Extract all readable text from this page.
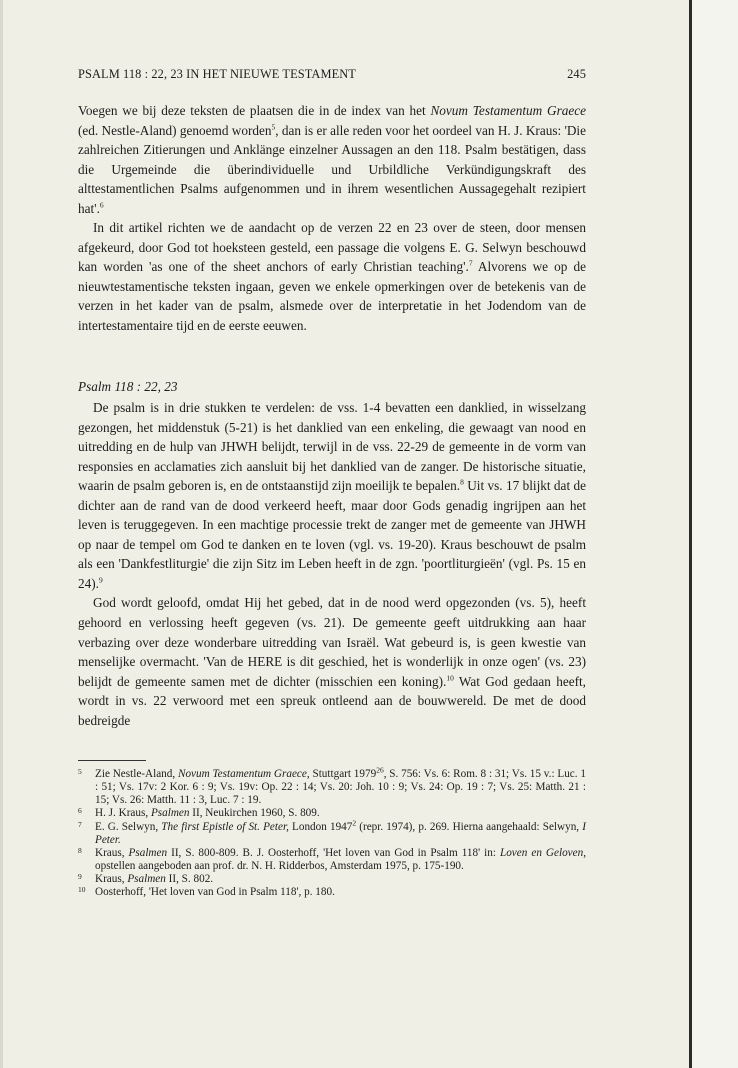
PSALM 118 : 22, 23 IN HET NIEUWE TESTAMENT	245

Voegen we bij deze teksten de plaatsen die in de index van het Novum Testamentum Graece (ed. Nestle-Aland) genoemd worden$^5$, dan is er alle reden voor het oordeel van H. J. Kraus: 'Die zahlreichen Zitierungen und Anklänge einzelner Aussagen an den 118. Psalm bestätigen, dass die Urgemeinde die überindividuelle und Urbildliche Verkündigungskraft des alttestamentlichen Psalms aufgenommen und in ihrem wesentlichen Aussagegehalt rezipiert hat'.$^6$

In dit artikel richten we de aandacht op de verzen 22 en 23 over de steen, door mensen afgekeurd, door God tot hoeksteen gesteld, een passage die volgens E. G. Selwyn beschouwd kan worden 'as one of the sheet anchors of early Christian teaching'.$^7$ Alvorens we op de nieuwtestamentische teksten ingaan, geven we enkele opmerkingen over de betekenis van de verzen in het kader van de psalm, alsmede over de interpretatie in het Jodendom van de intertestamentaire tijd en de eerste eeuwen.

Psalm 118 : 22, 23

De psalm is in drie stukken te verdelen: de vss. 1-4 bevatten een danklied, in wisselzang gezongen, het middenstuk (5-21) is het danklied van een enkeling, die gewaagt van nood en uitredding en de hulp van JHWH belijdt, terwijl in de vss. 22-29 de gemeente in de vorm van responsies en acclamaties zich aansluit bij het danklied van de zanger. De historische situatie, waarin de psalm geboren is, en de ontstaanstijd zijn moeilijk te bepalen.$^8$ Uit vs. 17 blijkt dat de dichter aan de rand van de dood verkeerd heeft, maar door Gods genadig ingrijpen aan het leven is teruggegeven. In een machtige processie trekt de zanger met de gemeente van JHWH op naar de tempel om God te danken en te loven (vgl. vs. 19-20). Kraus beschouwt de psalm als een 'Dankfestliturgie' die zijn Sitz im Leben heeft in de zgn. 'poortliturgieën' (vgl. Ps. 15 en 24).$^9$

God wordt geloofd, omdat Hij het gebed, dat in de nood werd opgezonden (vs. 5), heeft gehoord en verlossing heeft gegeven (vs. 21). De gemeente geeft uitdrukking aan haar verbazing over deze wonderbare uitredding van Israël. Wat gebeurd is, is geen kwestie van menselijke overmacht. 'Van de HERE is dit geschied, het is wonderlijk in onze ogen' (vs. 23) belijdt de gemeente samen met de dichter (misschien een koning).$^{10}$ Wat God gedaan heeft, wordt in vs. 22 verwoord met een spreuk ontleend aan de bouwwereld. De met de dood bedreigde

5 Zie Nestle-Aland, Novum Testamentum Graece, Stuttgart 1979$^{26}$, S. 756: Vs. 6: Rom. 8 : 31; Vs. 15 v.: Luc. 1 : 51; Vs. 17v: 2 Kor. 6 : 9; Vs. 19v: Op. 22 : 14; Vs. 20: Joh. 10 : 9; Vs. 24: Op. 19 : 7; Vs. 25: Matth. 21 : 15; Vs. 26: Matth. 11 : 3, Luc. 7 : 19.

6 H. J. Kraus, Psalmen II, Neukirchen 1960, S. 809.

7 E. G. Selwyn, The first Epistle of St. Peter, London 1947$^2$ (repr. 1974), p. 269. Hierna aangehaald: Selwyn, I Peter.

8 Kraus, Psalmen II, S. 800-809. B. J. Oosterhoff, 'Het loven van God in Psalm 118' in: Loven en Geloven, opstellen aangeboden aan prof. dr. N. H. Ridderbos, Amsterdam 1975, p. 175-190.

9 Kraus, Psalmen II, S. 802.

10 Oosterhoff, 'Het loven van God in Psalm 118', p. 180.
